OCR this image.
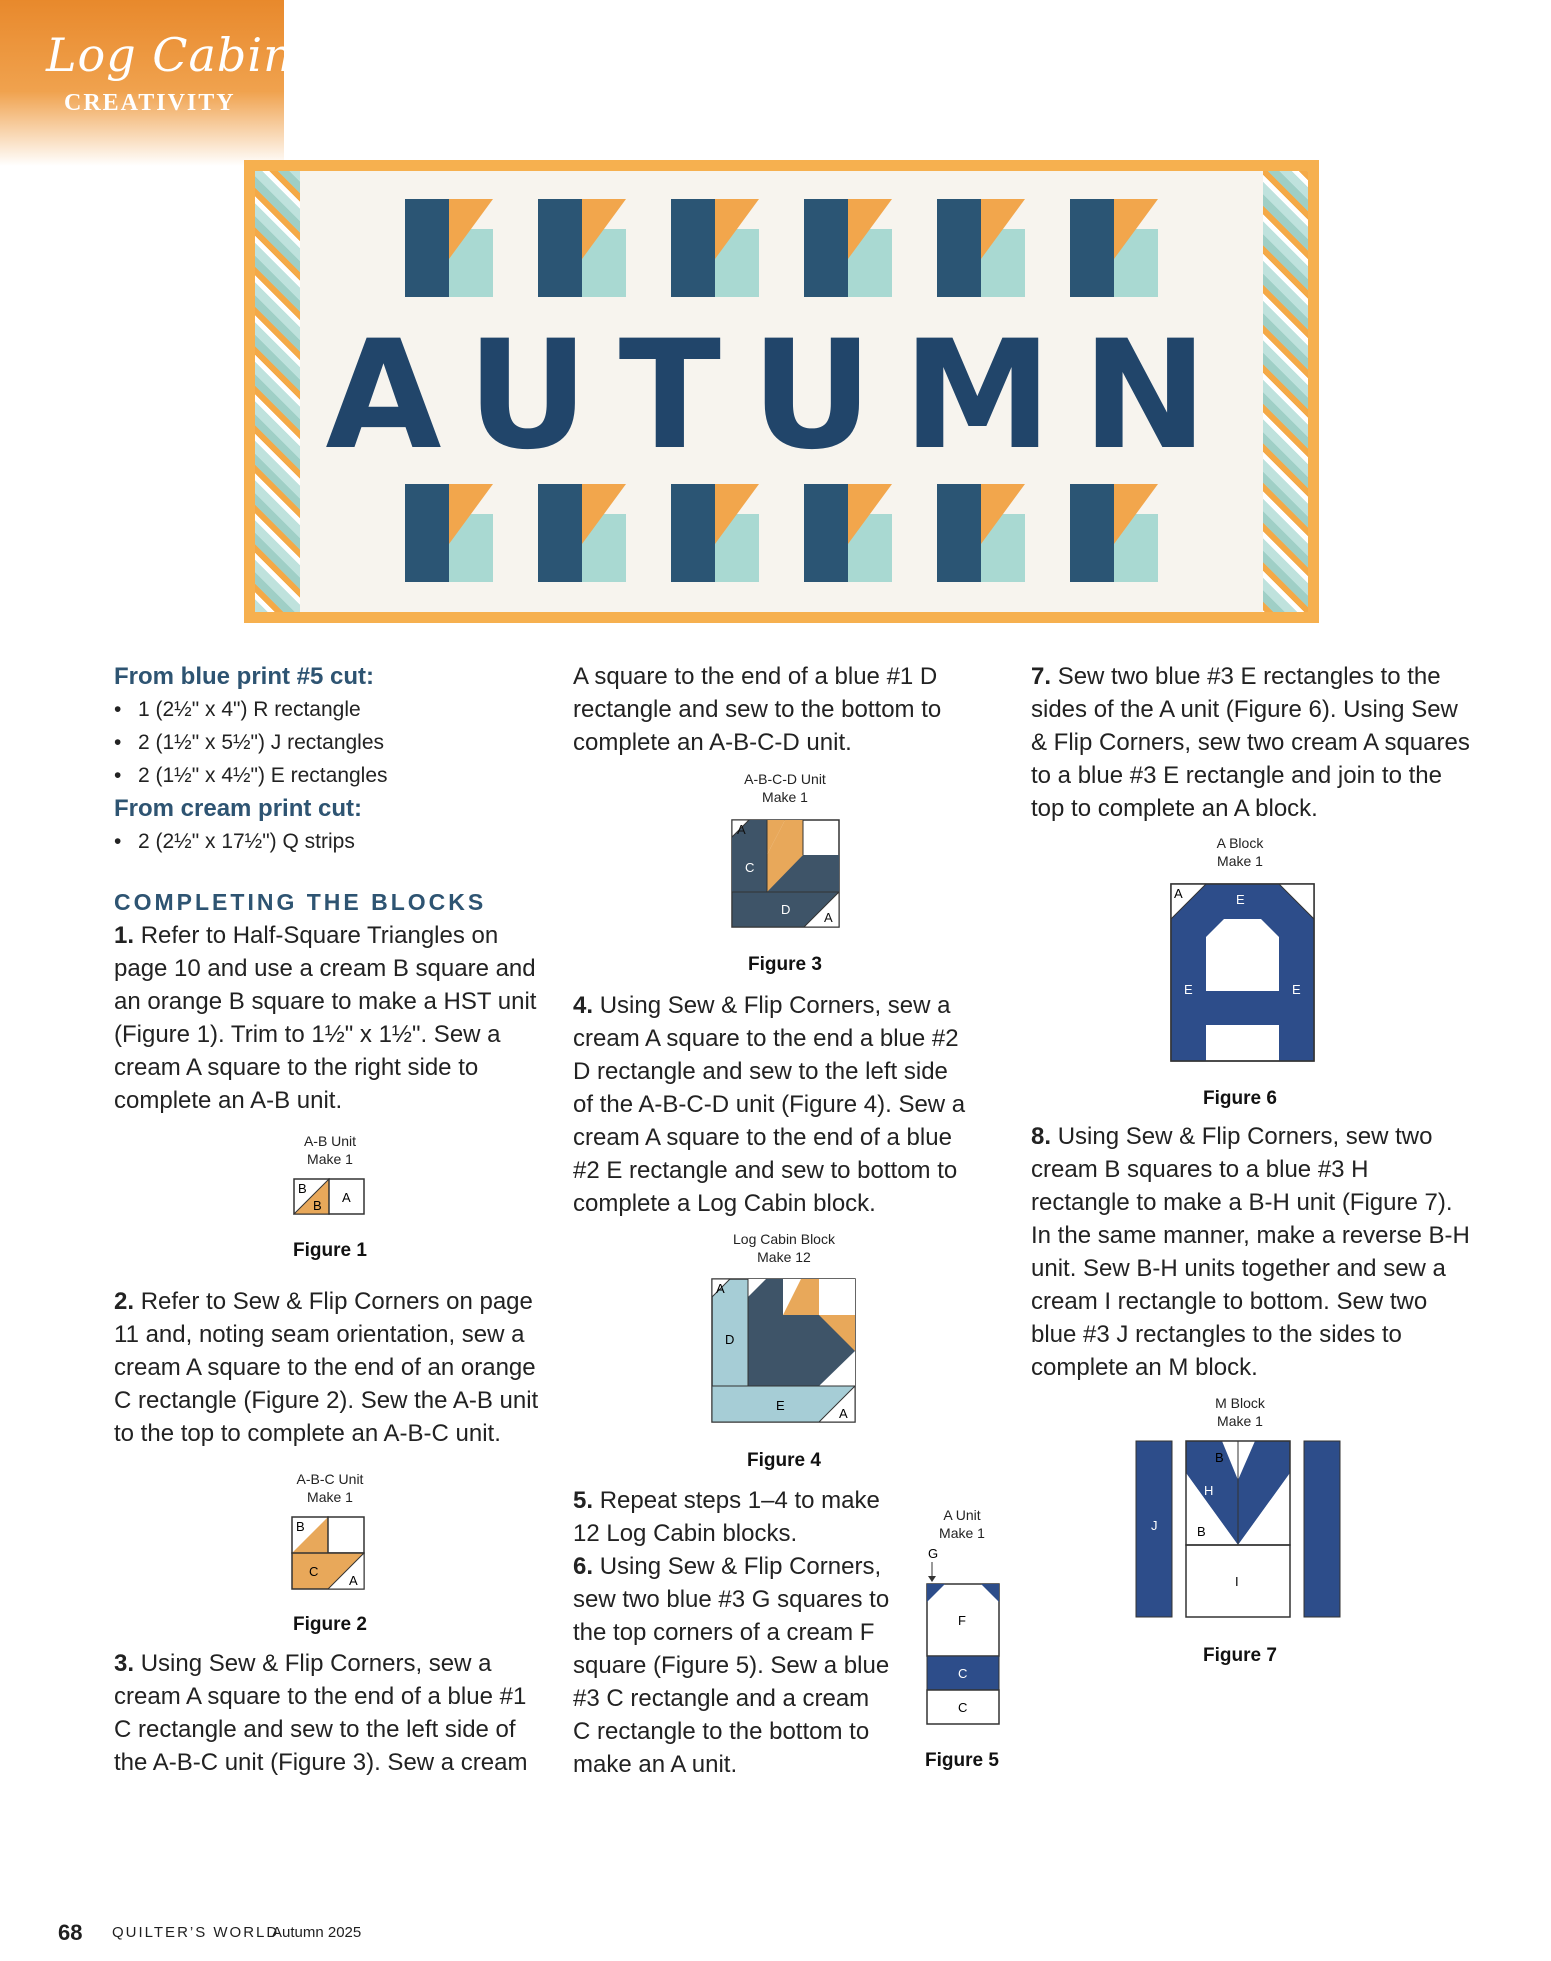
Log Cabin
CREATIVITY
AUTUMN

From blue print #5 cut:

• 1 (2½" x 4") R rectangle

• 2 (1½" x 5½") J rectangles

• 2 (1½" x 4½") E rectangles

From cream print cut:

• 2 (2½" x 17½") Q strips

COMPLETING THE BLOCKS

1. Refer to Half-Square Triangles on page 10 and use a cream B square and an orange B square to make a HST unit (Figure 1). Trim to 1½" x 1½". Sew a cream A square to the right side to complete an A-B unit.

A-B Unit
Make 1
B
B
A
Figure 1

2. Refer to Sew & Flip Corners on page 11 and, noting seam orientation, sew a cream A square to the end of an orange C rectangle (Figure 2). Sew the A-B unit to the top to complete an A-B-C unit.

A-B-C Unit
Make 1
B
C
A
Figure 2

3. Using Sew & Flip Corners, sew a cream A square to the end of a blue #1 C rectangle and sew to the left side of the A-B-C unit (Figure 3). Sew a cream

A square to the end of a blue #1 D rectangle and sew to the bottom to complete an A-B-C-D unit.

A-B-C-D Unit
Make 1
A
C
D
A
Figure 3

4. Using Sew & Flip Corners, sew a cream A square to the end a blue #2 D rectangle and sew to the left side of the A-B-C-D unit (Figure 4). Sew a cream A square to the end of a blue #2 E rectangle and sew to bottom to complete a Log Cabin block.

Log Cabin Block
Make 12
A
D
E
A
Figure 4

5. Repeat steps 1–4 to make 12 Log Cabin blocks.

6. Using Sew & Flip Corners, sew two blue #3 G squares to the top corners of a cream F square (Figure 5). Sew a blue #3 C rectangle and a cream C rectangle to the bottom to make an A unit.

A Unit
Make 1
G
F
C
C
Figure 5

7. Sew two blue #3 E rectangles to the sides of the A unit (Figure 6). Using Sew & Flip Corners, sew two cream A squares to a blue #3 E rectangle and join to the top to complete an A block.

A Block
Make 1
A	E
E	E
Figure 6

8. Using Sew & Flip Corners, sew two cream B squares to a blue #3 H rectangle to make a B-H unit (Figure 7). In the same manner, make a reverse B-H unit. Sew B-H units together and sew a cream I rectangle to bottom. Sew two blue #3 J rectangles to the sides to complete an M block.

M Block
Make 1
B
H
B
J
I
Figure 7
68 QUILTER’S WORLD
Autumn 2025
